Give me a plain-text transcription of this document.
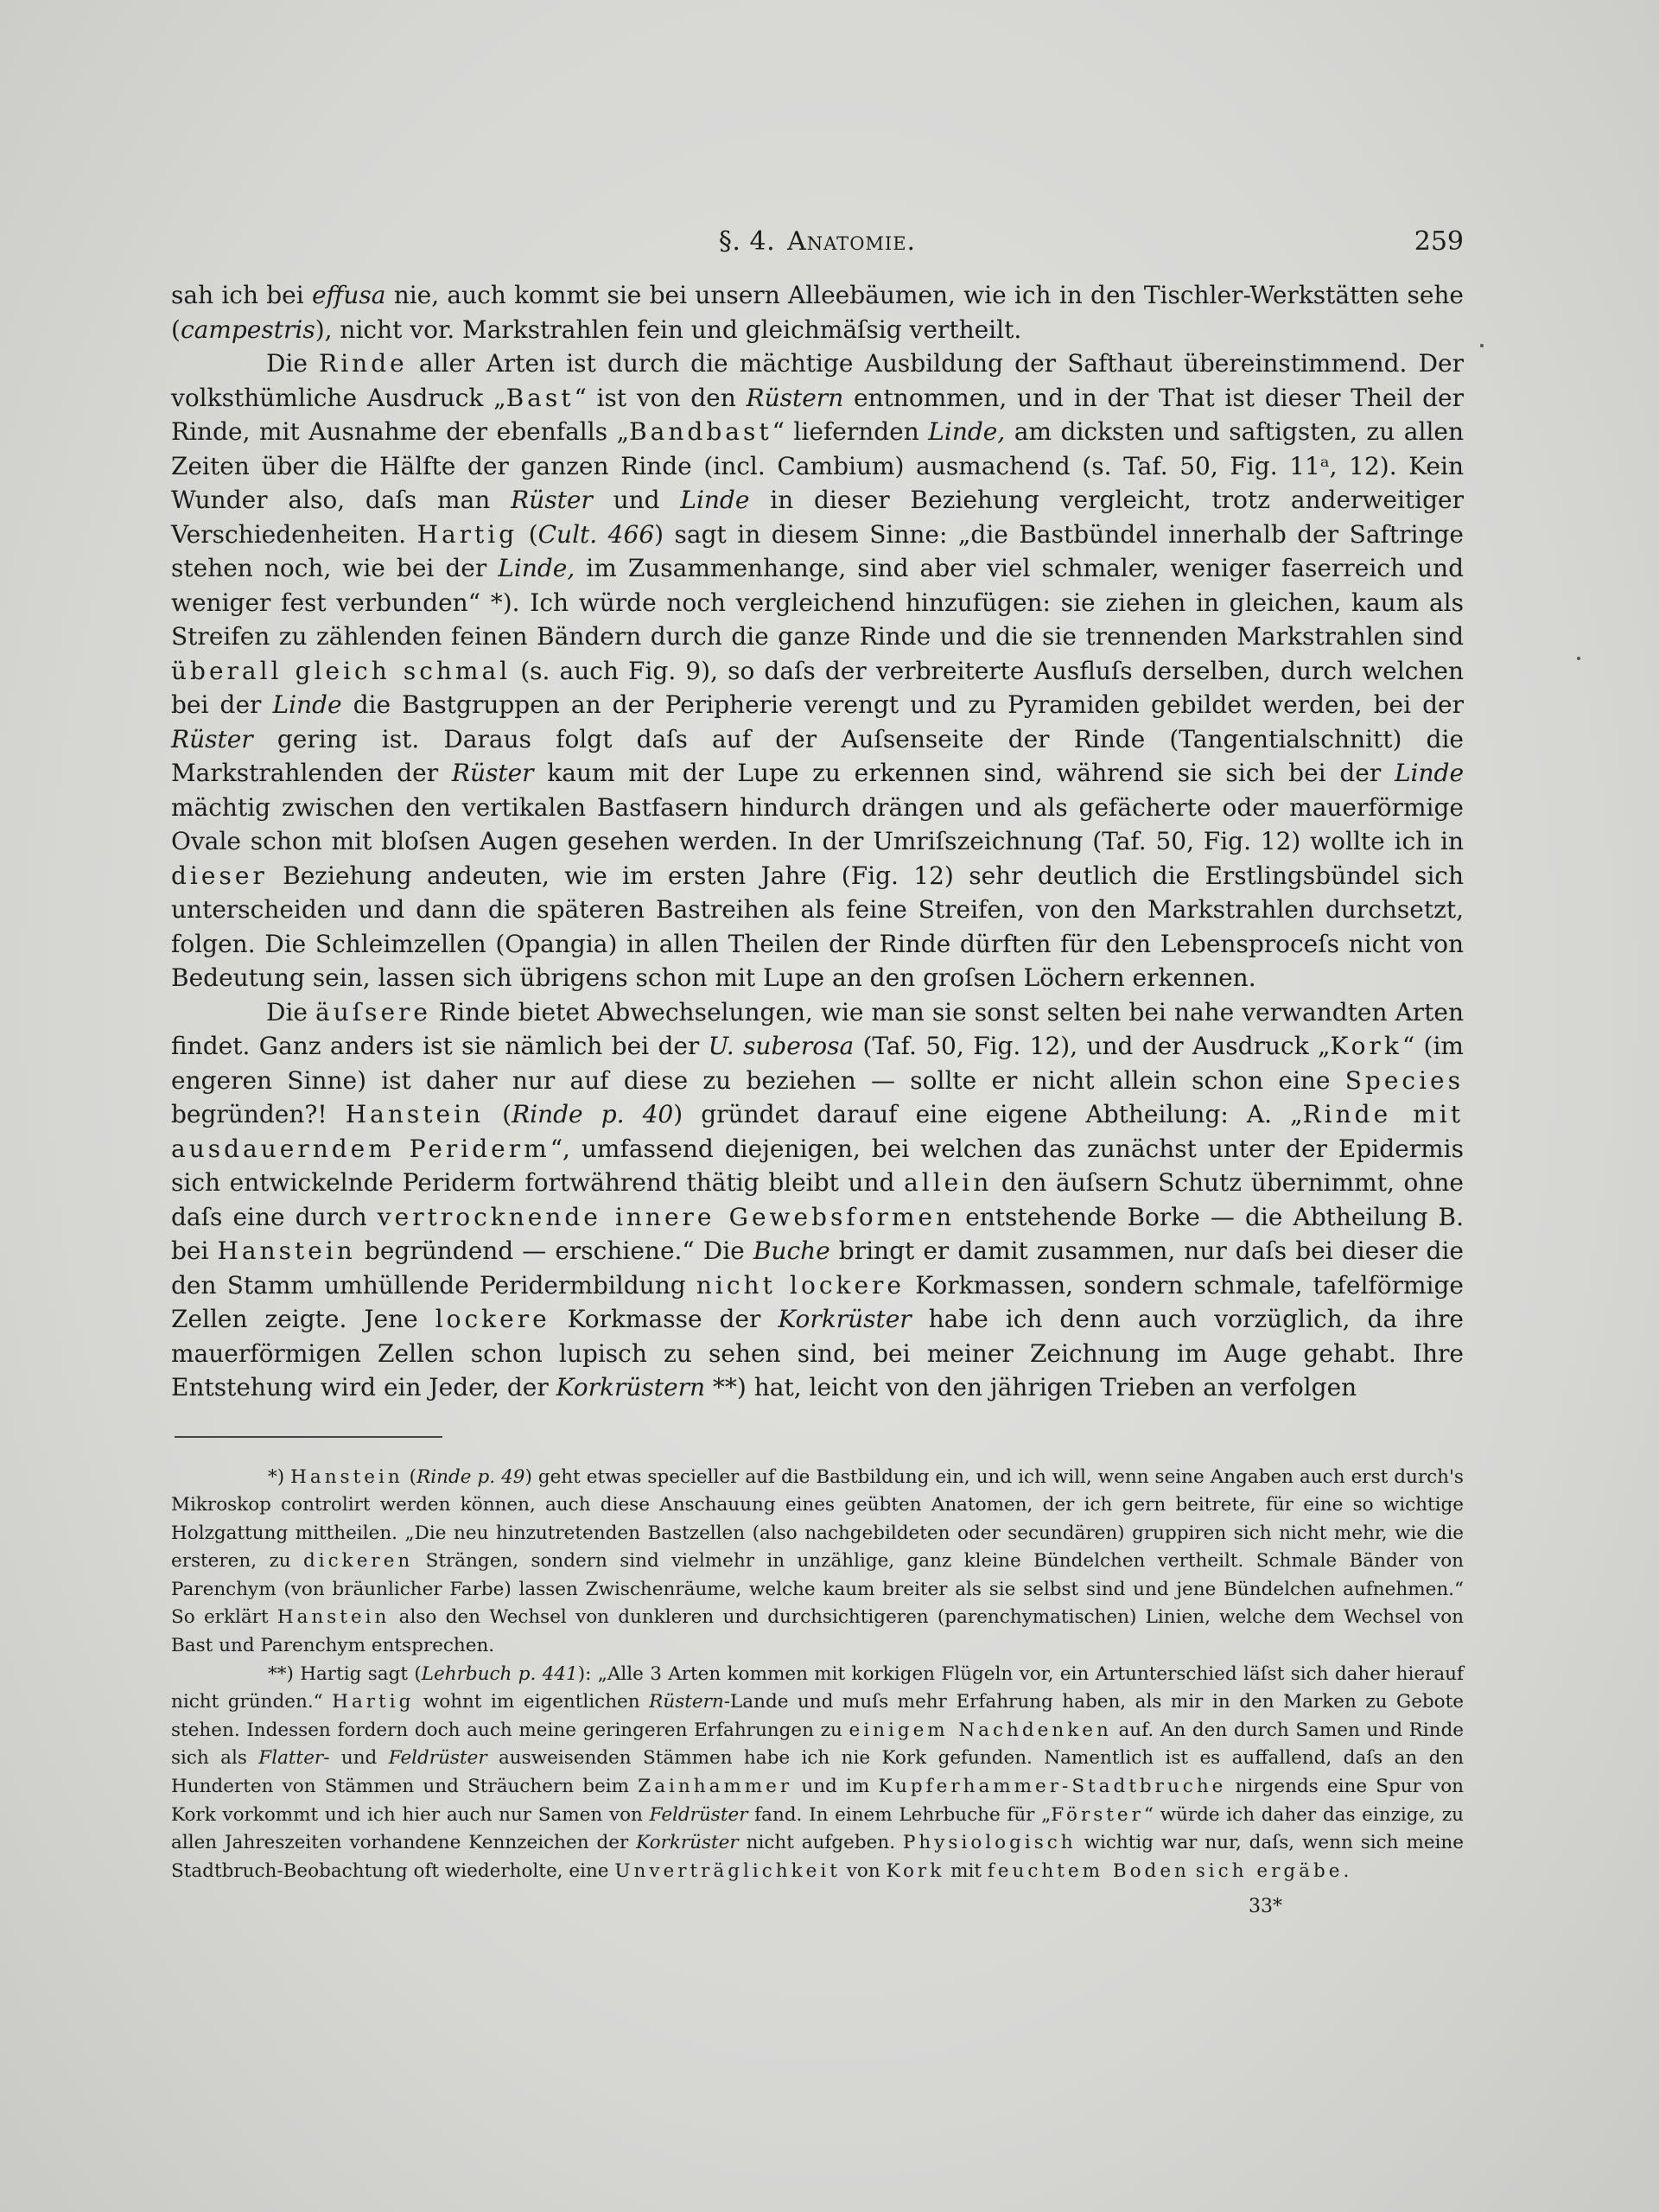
§. 4. Anatomie.	259

sah ich bei effusa nie, auch kommt sie bei unsern Alleebäumen, wie ich in den Tischler-Werkstätten sehe (campestris), nicht vor. Markstrahlen fein und gleichmäſsig vertheilt.

Die Rinde aller Arten ist durch die mächtige Ausbildung der Safthaut übereinstimmend. Der volksthümliche Ausdruck „Bast“ ist von den Rüstern entnommen, und in der That ist dieser Theil der Rinde, mit Ausnahme der ebenfalls „Bandbast“ liefernden Linde, am dicksten und saftigsten, zu allen Zeiten über die Hälfte der ganzen Rinde (incl. Cambium) ausmachend (s. Taf. 50, Fig. 11ᵃ, 12). Kein Wunder also, daſs man Rüster und Linde in dieser Beziehung vergleicht, trotz anderweitiger Verschiedenheiten. Hartig (Cult. 466) sagt in diesem Sinne: „die Bastbündel innerhalb der Saftringe stehen noch, wie bei der Linde, im Zusammenhange, sind aber viel schmaler, weniger faserreich und weniger fest verbunden“ *). Ich würde noch vergleichend hinzufügen: sie ziehen in gleichen, kaum als Streifen zu zählenden feinen Bändern durch die ganze Rinde und die sie trennenden Markstrahlen sind überall gleich schmal (s. auch Fig. 9), so daſs der verbreiterte Ausfluſs derselben, durch welchen bei der Linde die Bastgruppen an der Peripherie verengt und zu Pyramiden gebildet werden, bei der Rüster gering ist. Daraus folgt daſs auf der Auſsenseite der Rinde (Tangentialschnitt) die Markstrahlenden der Rüster kaum mit der Lupe zu erkennen sind, während sie sich bei der Linde mächtig zwischen den vertikalen Bastfasern hindurch drängen und als gefächerte oder mauerförmige Ovale schon mit bloſsen Augen gesehen werden. In der Umriſszeichnung (Taf. 50, Fig. 12) wollte ich in dieser Beziehung andeuten, wie im ersten Jahre (Fig. 12) sehr deutlich die Erstlingsbündel sich unterscheiden und dann die späteren Bastreihen als feine Streifen, von den Markstrahlen durchsetzt, folgen. Die Schleimzellen (Opangia) in allen Theilen der Rinde dürften für den Lebensproceſs nicht von Bedeutung sein, lassen sich übrigens schon mit Lupe an den groſsen Löchern erkennen.

Die äuſsere Rinde bietet Abwechselungen, wie man sie sonst selten bei nahe verwandten Arten findet. Ganz anders ist sie nämlich bei der U. suberosa (Taf. 50, Fig. 12), und der Ausdruck „Kork“ (im engeren Sinne) ist daher nur auf diese zu beziehen — sollte er nicht allein schon eine Species begründen?! Hanstein (Rinde p. 40) gründet darauf eine eigene Abtheilung: A. „Rinde mit ausdauerndem Periderm“, umfassend diejenigen, bei welchen das zunächst unter der Epidermis sich entwickelnde Periderm fortwährend thätig bleibt und allein den äuſsern Schutz übernimmt, ohne daſs eine durch vertrocknende innere Gewebsformen entstehende Borke — die Abtheilung B. bei Hanstein begründend — erschiene.“ Die Buche bringt er damit zusammen, nur daſs bei dieser die den Stamm umhüllende Peridermbildung nicht lockere Korkmassen, sondern schmale, tafelförmige Zellen zeigte. Jene lockere Korkmasse der Korkrüster habe ich denn auch vorzüglich, da ihre mauerförmigen Zellen schon lupisch zu sehen sind, bei meiner Zeichnung im Auge gehabt. Ihre Entstehung wird ein Jeder, der Korkrüstern **) hat, leicht von den jährigen Trieben an verfolgen

*) Hanstein (Rinde p. 49) geht etwas specieller auf die Bastbildung ein, und ich will, wenn seine Angaben auch erst durch's Mikroskop controlirt werden können, auch diese Anschauung eines geübten Anatomen, der ich gern beitrete, für eine so wichtige Holzgattung mittheilen. „Die neu hinzutretenden Bastzellen (also nachgebildeten oder secundären) gruppiren sich nicht mehr, wie die ersteren, zu dickeren Strängen, sondern sind vielmehr in unzählige, ganz kleine Bündelchen vertheilt. Schmale Bänder von Parenchym (von bräunlicher Farbe) lassen Zwischenräume, welche kaum breiter als sie selbst sind und jene Bündelchen aufnehmen.“ So erklärt Hanstein also den Wechsel von dunkleren und durchsichtigeren (parenchymatischen) Linien, welche dem Wechsel von Bast und Parenchym entsprechen.

**) Hartig sagt (Lehrbuch p. 441): „Alle 3 Arten kommen mit korkigen Flügeln vor, ein Artunterschied läſst sich daher hierauf nicht gründen.“ Hartig wohnt im eigentlichen Rüstern-Lande und muſs mehr Erfahrung haben, als mir in den Marken zu Gebote stehen. Indessen fordern doch auch meine geringeren Erfahrungen zu einigem Nachdenken auf. An den durch Samen und Rinde sich als Flatter- und Feldrüster ausweisenden Stämmen habe ich nie Kork gefunden. Namentlich ist es auffallend, daſs an den Hunderten von Stämmen und Sträuchern beim Zainhammer und im Kupferhammer-Stadtbruche nirgends eine Spur von Kork vorkommt und ich hier auch nur Samen von Feldrüster fand. In einem Lehrbuche für „Förster“ würde ich daher das einzige, zu allen Jahreszeiten vorhandene Kennzeichen der Korkrüster nicht aufgeben. Physiologisch wichtig war nur, daſs, wenn sich meine Stadtbruch-Beobachtung oft wiederholte, eine Unverträglichkeit von Kork mit feuchtem Boden sich ergäbe.

33*
